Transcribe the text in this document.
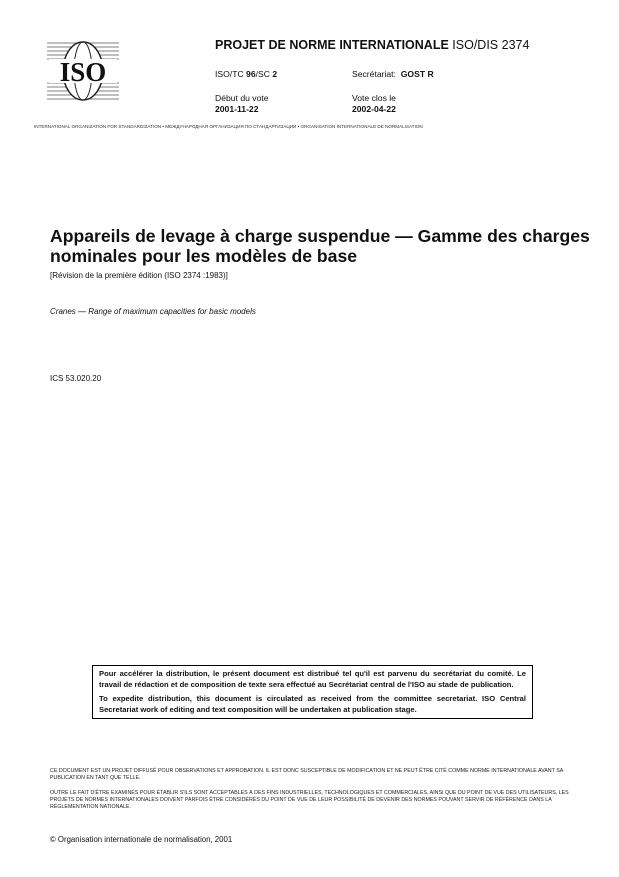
ISO
PROJET DE NORME INTERNATIONALE ISO/DIS 2374
ISO/TC 96/SC 2	Secrétariat: GOST R
Début du vote
2001-11-22
Vote clos le
2002-04-22
INTERNATIONAL ORGANIZATION FOR STANDARDIZATION • МЕЖДУНАРОДНАЯ ОРГАНИЗАЦИЯ ПО СТАНДАРТИЗАЦИИ • ORGANISATION INTERNATIONALE DE NORMALISATION
Appareils de levage à charge suspendue — Gamme des charges nominales pour les modèles de base
[Révision de la première édition (ISO 2374 :1983)]
Cranes — Range of maximum capacities for basic models
ICS 53.020.20

Pour accélérer la distribution, le présent document est distribué tel qu'il est parvenu du secrétariat du comité. Le travail de rédaction et de composition de texte sera effectué au Secrétariat central de l'ISO au stade de publication.

To expedite distribution, this document is circulated as received from the committee secretariat. ISO Central Secretariat work of editing and text composition will be undertaken at publication stage.

CE DOCUMENT EST UN PROJET DIFFUSÉ POUR OBSERVATIONS ET APPROBATION. IL EST DONC SUSCEPTIBLE DE MODIFICATION ET NE PEUT ÊTRE CITÉ COMME NORME INTERNATIONALE AVANT SA PUBLICATION EN TANT QUE TELLE.
OUTRE LE FAIT D'ÊTRE EXAMINÉS POUR ÉTABLIR S'ILS SONT ACCEPTABLES À DES FINS INDUSTRIELLES, TECHNOLOGIQUES ET COMMERCIALES, AINSI QUE DU POINT DE VUE DES UTILISATEURS, LES PROJETS DE NORMES INTERNATIONALES DOIVENT PARFOIS ÊTRE CONSIDÉRÉS DU POINT DE VUE DE LEUR POSSIBILITÉ DE DEVENIR DES NORMES POUVANT SERVIR DE RÉFÉRENCE DANS LA RÉGLEMENTATION NATIONALE.
© Organisation internationale de normalisation, 2001
